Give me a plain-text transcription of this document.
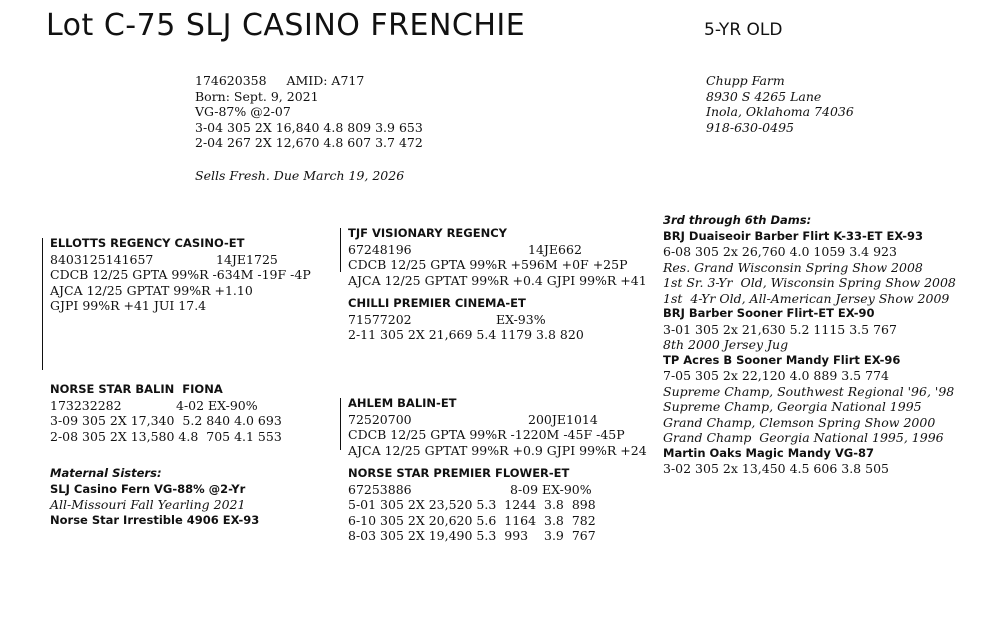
Lot C-75 SLJ CASINO FRENCHIE	5-YR OLD
174620358     AMID: A717
Born: Sept. 9, 2021
VG-87% @2-07
3-04 305 2X 16,840 4.8 809 3.9 653
2-04 267 2X 12,670 4.8 607 3.7 472
Sells Fresh. Due March 19, 2026
Chupp Farm
8930 S 4265 Lane
Inola, Oklahoma 74036
918-630-0495
ELLOTTS REGENCY CASINO-ET
8403125141657	14JE1725
CDCB 12/25 GPTA 99%R -634M -19F -4P
AJCA 12/25 GPTAT 99%R +1.10
GJPI 99%R +41 JUI 17.4
TJF VISIONARY REGENCY
67248196	14JE662
CDCB 12/25 GPTA 99%R +596M +0F +25P
AJCA 12/25 GPTAT 99%R +0.4 GJPI 99%R +41
CHILLI PREMIER CINEMA-ET
71577202	EX-93%
2-11 305 2X 21,669 5.4 1179 3.8 820
NORSE STAR BALIN  FIONA
173232282	4-02 EX-90%
3-09 305 2X 17,340  5.2 840 4.0 693
2-08 305 2X 13,580 4.8  705 4.1 553
AHLEM BALIN-ET
72520700	200JE1014
CDCB 12/25 GPTA 99%R -1220M -45F -45P
AJCA 12/25 GPTAT 99%R +0.9 GJPI 99%R +24
NORSE STAR PREMIER FLOWER-ET
67253886	8-09 EX-90%
5-01 305 2X 23,520 5.3  1244  3.8  898
6-10 305 2X 20,620 5.6  1164  3.8  782
8-03 305 2X 19,490 5.3  993    3.9  767
Maternal Sisters:
SLJ Casino Fern VG-88% @2-Yr
All-Missouri Fall Yearling 2021
Norse Star Irrestible 4906 EX-93
3rd through 6th Dams:
BRJ Duaiseoir Barber Flirt K-33-ET EX-93
6-08 305 2x 26,760 4.0 1059 3.4 923
Res. Grand Wisconsin Spring Show 2008
1st Sr. 3-Yr  Old, Wisconsin Spring Show 2008
1st  4-Yr Old, All-American Jersey Show 2009
BRJ Barber Sooner Flirt-ET EX-90
3-01 305 2x 21,630 5.2 1115 3.5 767
8th 2000 Jersey Jug
TP Acres B Sooner Mandy Flirt EX-96
7-05 305 2x 22,120 4.0 889 3.5 774
Supreme Champ, Southwest Regional '96, '98
Supreme Champ, Georgia National 1995
Grand Champ, Clemson Spring Show 2000
Grand Champ  Georgia National 1995, 1996
Martin Oaks Magic Mandy VG-87
3-02 305 2x 13,450 4.5 606 3.8 505
